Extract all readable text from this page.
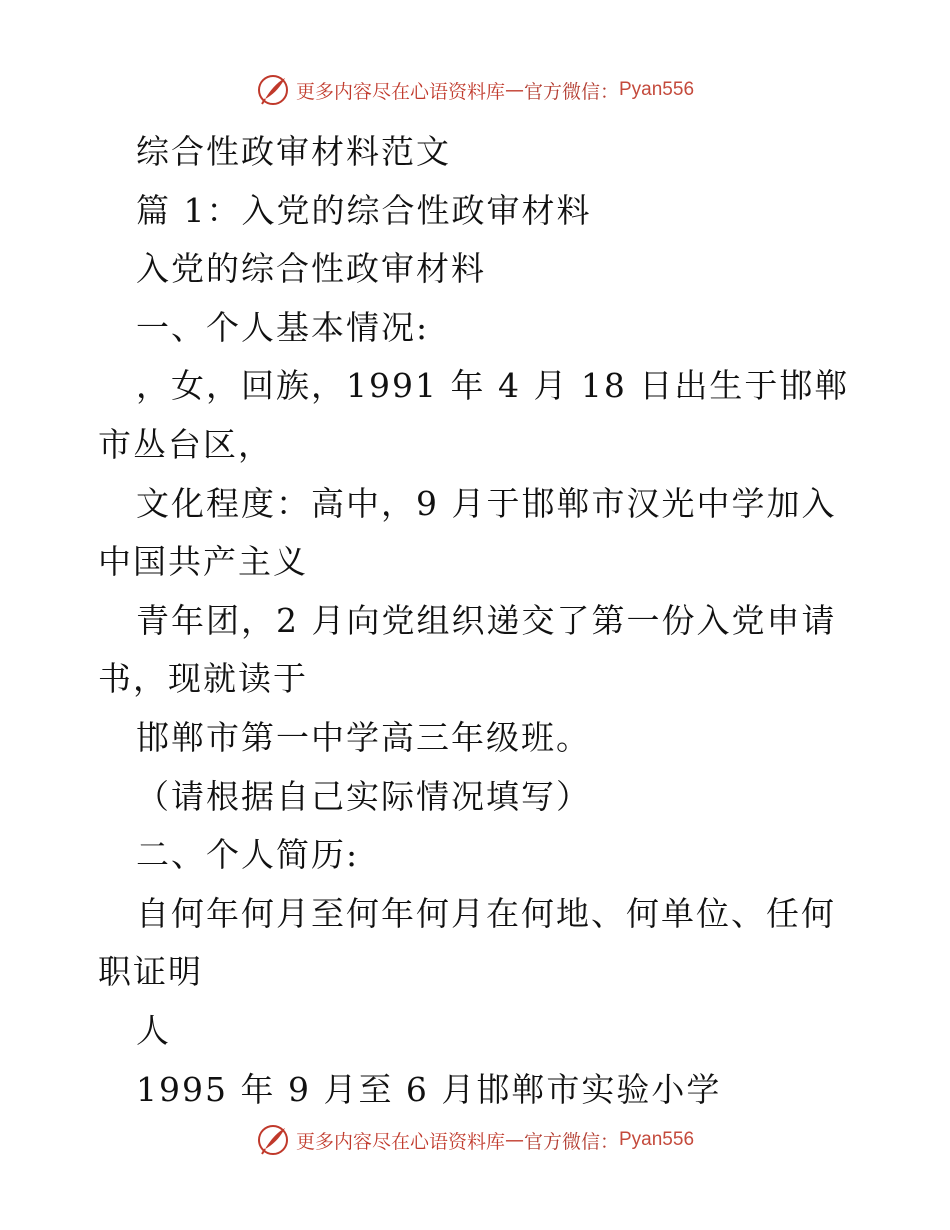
更多内容尽在心语资料库 — 官方微信： Pyan556

综合性政审材料范文

篇 1：入党的综合性政审材料

入党的综合性政审材料

一、个人基本情况:

，女，回族，1991 年 4 月 18 日出生于邯郸市丛台区，

文化程度：高中，9 月于邯郸市汉光中学加入中国共产主义

青年团，2 月向党组织递交了第一份入党申请书，现就读于

邯郸市第一中学高三年级班。

（请根据自己实际情况填写）

二、个人简历:

自何年何月至何年何月在何地、何单位、任何职证明

人

1995 年 9 月至 6 月邯郸市实验小学

更多内容尽在心语资料库 — 官方微信： Pyan556
